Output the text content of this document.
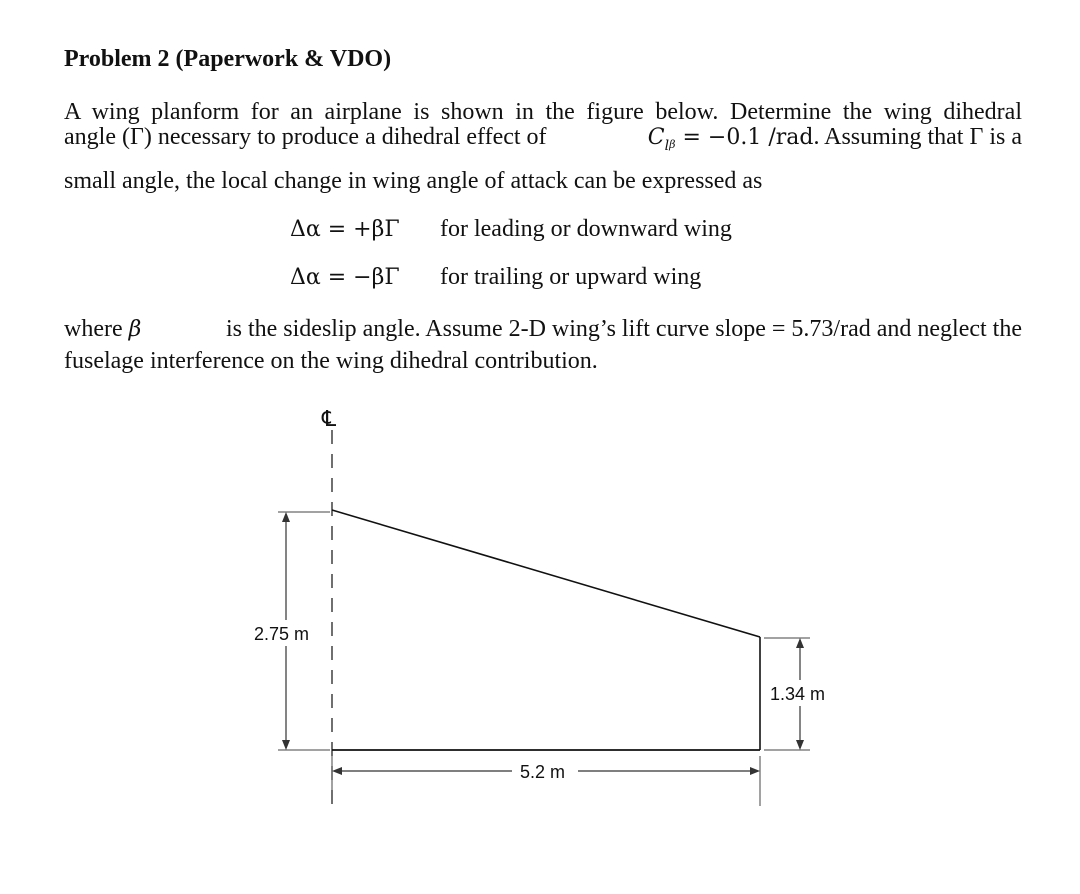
Problem 2 (Paperwork & VDO)
A wing planform for an airplane is shown in the figure below. Determine the wing dihedral
angle (Γ) necessary to produce a dihedral effect of	$C_{l\beta} = -0.1$ /rad. Assuming that Γ is a
small angle, the local change in wing angle of attack can be expressed as
Δα = +βΓ for leading or downward wing
Δα = −βΓ for trailing or upward wing
where β	is the sideslip angle. Assume 2-D wing’s lift curve slope = 5.73/rad and neglect the
fuselage interference on the wing dihedral contribution.
℄
2.75 m
1.34 m
5.2 m
